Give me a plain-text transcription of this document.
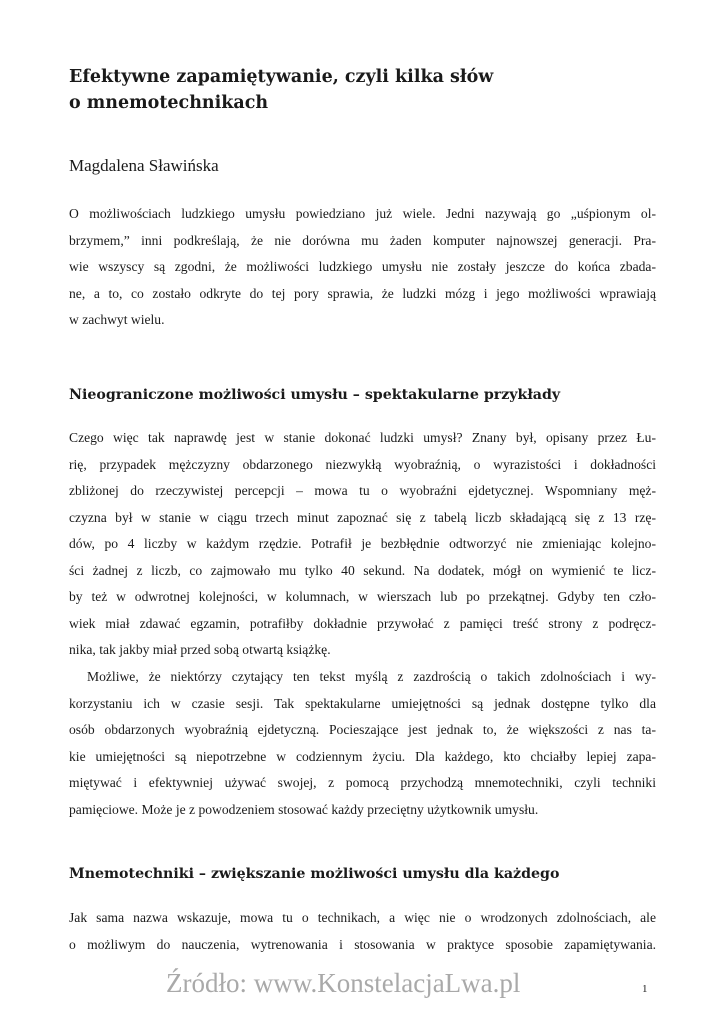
Efektywne zapamiętywanie, czyli kilka słów
o mnemotechnikach

Magdalena Sławińska

O możliwościach ludzkiego umysłu powiedziano już wiele. Jedni nazywają go „uśpionym ol-
brzymem,” inni podkreślają, że nie dorówna mu żaden komputer najnowszej generacji. Pra-
wie wszyscy są zgodni, że możliwości ludzkiego umysłu nie zostały jeszcze do końca zbada-
ne, a to, co zostało odkryte do tej pory sprawia, że ludzki mózg i jego możliwości wprawiają
w zachwyt wielu.

Nieograniczone możliwości umysłu – spektakularne przykłady

Czego więc tak naprawdę jest w stanie dokonać ludzki umysł? Znany był, opisany przez Łu-
rię, przypadek mężczyzny obdarzonego niezwykłą wyobraźnią, o wyrazistości i dokładności
zbliżonej do rzeczywistej percepcji – mowa tu o wyobraźni ejdetycznej. Wspomniany męż-
czyzna był w stanie w ciągu trzech minut zapoznać się z tabelą liczb składającą się z 13 rzę-
dów, po 4 liczby w każdym rzędzie. Potrafił je bezbłędnie odtworzyć nie zmieniając kolejno-
ści żadnej z liczb, co zajmowało mu tylko 40 sekund. Na dodatek, mógł on wymienić te licz-
by też w odwrotnej kolejności, w kolumnach, w wierszach lub po przekątnej. Gdyby ten czło-
wiek miał zdawać egzamin, potrafiłby dokładnie przywołać z pamięci treść strony z podręcz-
nika, tak jakby miał przed sobą otwartą książkę.

Możliwe, że niektórzy czytający ten tekst myślą z zazdrością o takich zdolnościach i wy-
korzystaniu ich w czasie sesji. Tak spektakularne umiejętności są jednak dostępne tylko dla
osób obdarzonych wyobraźnią ejdetyczną. Pocieszające jest jednak to, że większości z nas ta-
kie umiejętności są niepotrzebne w codziennym życiu. Dla każdego, kto chciałby lepiej zapa-
miętywać i efektywniej używać swojej, z pomocą przychodzą mnemotechniki, czyli techniki
pamięciowe. Może je z powodzeniem stosować każdy przeciętny użytkownik umysłu.

Mnemotechniki – zwiększanie możliwości umysłu dla każdego

Jak sama nazwa wskazuje, mowa tu o technikach, a więc nie o wrodzonych zdolnościach, ale
o możliwym do nauczenia, wytrenowania i stosowania w praktyce sposobie zapamiętywania.

Źródło: www.KonstelacjaLwa.pl	1
